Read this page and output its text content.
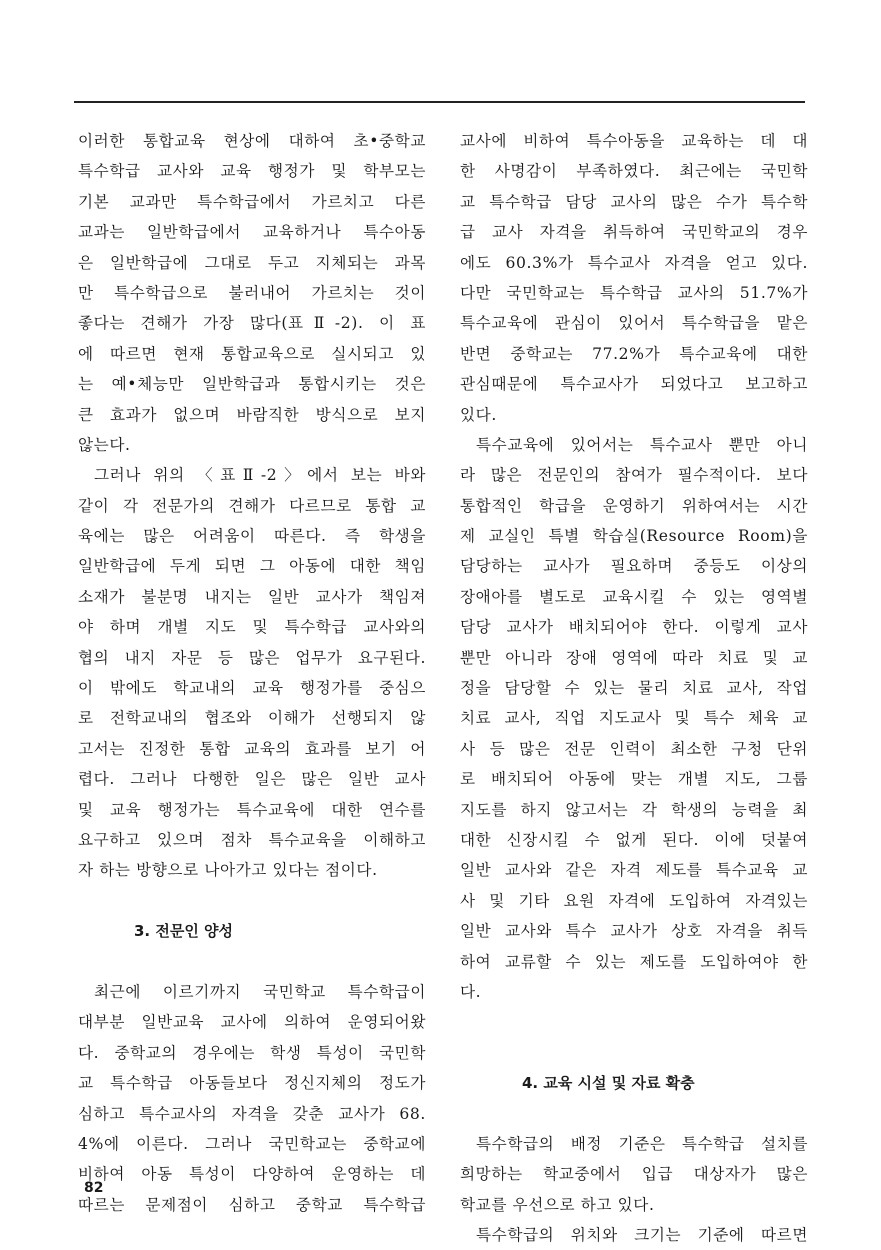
이러한 통합교육 현상에 대하여 초•중학교
특수학급 교사와 교육 행정가 및 학부모는
기본 교과만 특수학급에서 가르치고 다른
교과는 일반학급에서 교육하거나 특수아동
은 일반학급에 그대로 두고 지체되는 과목
만 특수학급으로 불러내어 가르치는 것이
좋다는 견해가 가장 많다(표Ⅱ-2). 이 표
에 따르면 현재 통합교육으로 실시되고 있
는 예•체능만 일반학급과 통합시키는 것은
큰 효과가 없으며 바람직한 방식으로 보지
않는다.
그러나 위의 〈표Ⅱ-2〉에서 보는 바와
같이 각 전문가의 견해가 다르므로 통합 교
육에는 많은 어려움이 따른다. 즉 학생을
일반학급에 두게 되면 그 아동에 대한 책임
소재가 불분명 내지는 일반 교사가 책임져
야 하며 개별 지도 및 특수학급 교사와의
협의 내지 자문 등 많은 업무가 요구된다.
이 밖에도 학교내의 교육 행정가를 중심으
로 전학교내의 협조와 이해가 선행되지 않
고서는 진정한 통합 교육의 효과를 보기 어
렵다. 그러나 다행한 일은 많은 일반 교사
및 교육 행정가는 특수교육에 대한 연수를
요구하고 있으며 점차 특수교육을 이해하고
자 하는 방향으로 나아가고 있다는 점이다.
3. 전문인 양성
최근에 이르기까지 국민학교 특수학급이
대부분 일반교육 교사에 의하여 운영되어왔
다. 중학교의 경우에는 학생 특성이 국민학
교 특수학급 아동들보다 정신지체의 정도가
심하고 특수교사의 자격을 갖춘 교사가 68.
4%에 이른다. 그러나 국민학교는 중학교에
비하여 아동 특성이 다양하여 운영하는 데
따르는 문제점이 심하고 중학교 특수학급
교사에 비하여 특수아동을 교육하는 데 대
한 사명감이 부족하였다. 최근에는 국민학
교 특수학급 담당 교사의 많은 수가 특수학
급 교사 자격을 취득하여 국민학교의 경우
에도 60.3%가 특수교사 자격을 얻고 있다.
다만 국민학교는 특수학급 교사의 51.7%가
특수교육에 관심이 있어서 특수학급을 맡은
반면 중학교는 77.2%가 특수교육에 대한
관심때문에 특수교사가 되었다고 보고하고
있다.
특수교육에 있어서는 특수교사 뿐만 아니
라 많은 전문인의 참여가 필수적이다. 보다
통합적인 학급을 운영하기 위하여서는 시간
제 교실인 특별 학습실(Resource Room)을
담당하는 교사가 필요하며 중등도 이상의
장애아를 별도로 교육시킬 수 있는 영역별
담당 교사가 배치되어야 한다. 이렇게 교사
뿐만 아니라 장애 영역에 따라 치료 및 교
정을 담당할 수 있는 물리 치료 교사, 작업
치료 교사, 직업 지도교사 및 특수 체육 교
사 등 많은 전문 인력이 최소한 구청 단위
로 배치되어 아동에 맞는 개별 지도, 그룹
지도를 하지 않고서는 각 학생의 능력을 최
대한 신장시킬 수 없게 된다. 이에 덧붙여
일반 교사와 같은 자격 제도를 특수교육 교
사 및 기타 요원 자격에 도입하여 자격있는
일반 교사와 특수 교사가 상호 자격을 취득
하여 교류할 수 있는 제도를 도입하여야 한
다.
4. 교육 시설 및 자료 확충
특수학급의 배정 기준은 특수학급 설치를
희망하는 학교중에서 입급 대상자가 많은
학교를 우선으로 하고 있다.
특수학급의 위치와 크기는 기준에 따르면
82
